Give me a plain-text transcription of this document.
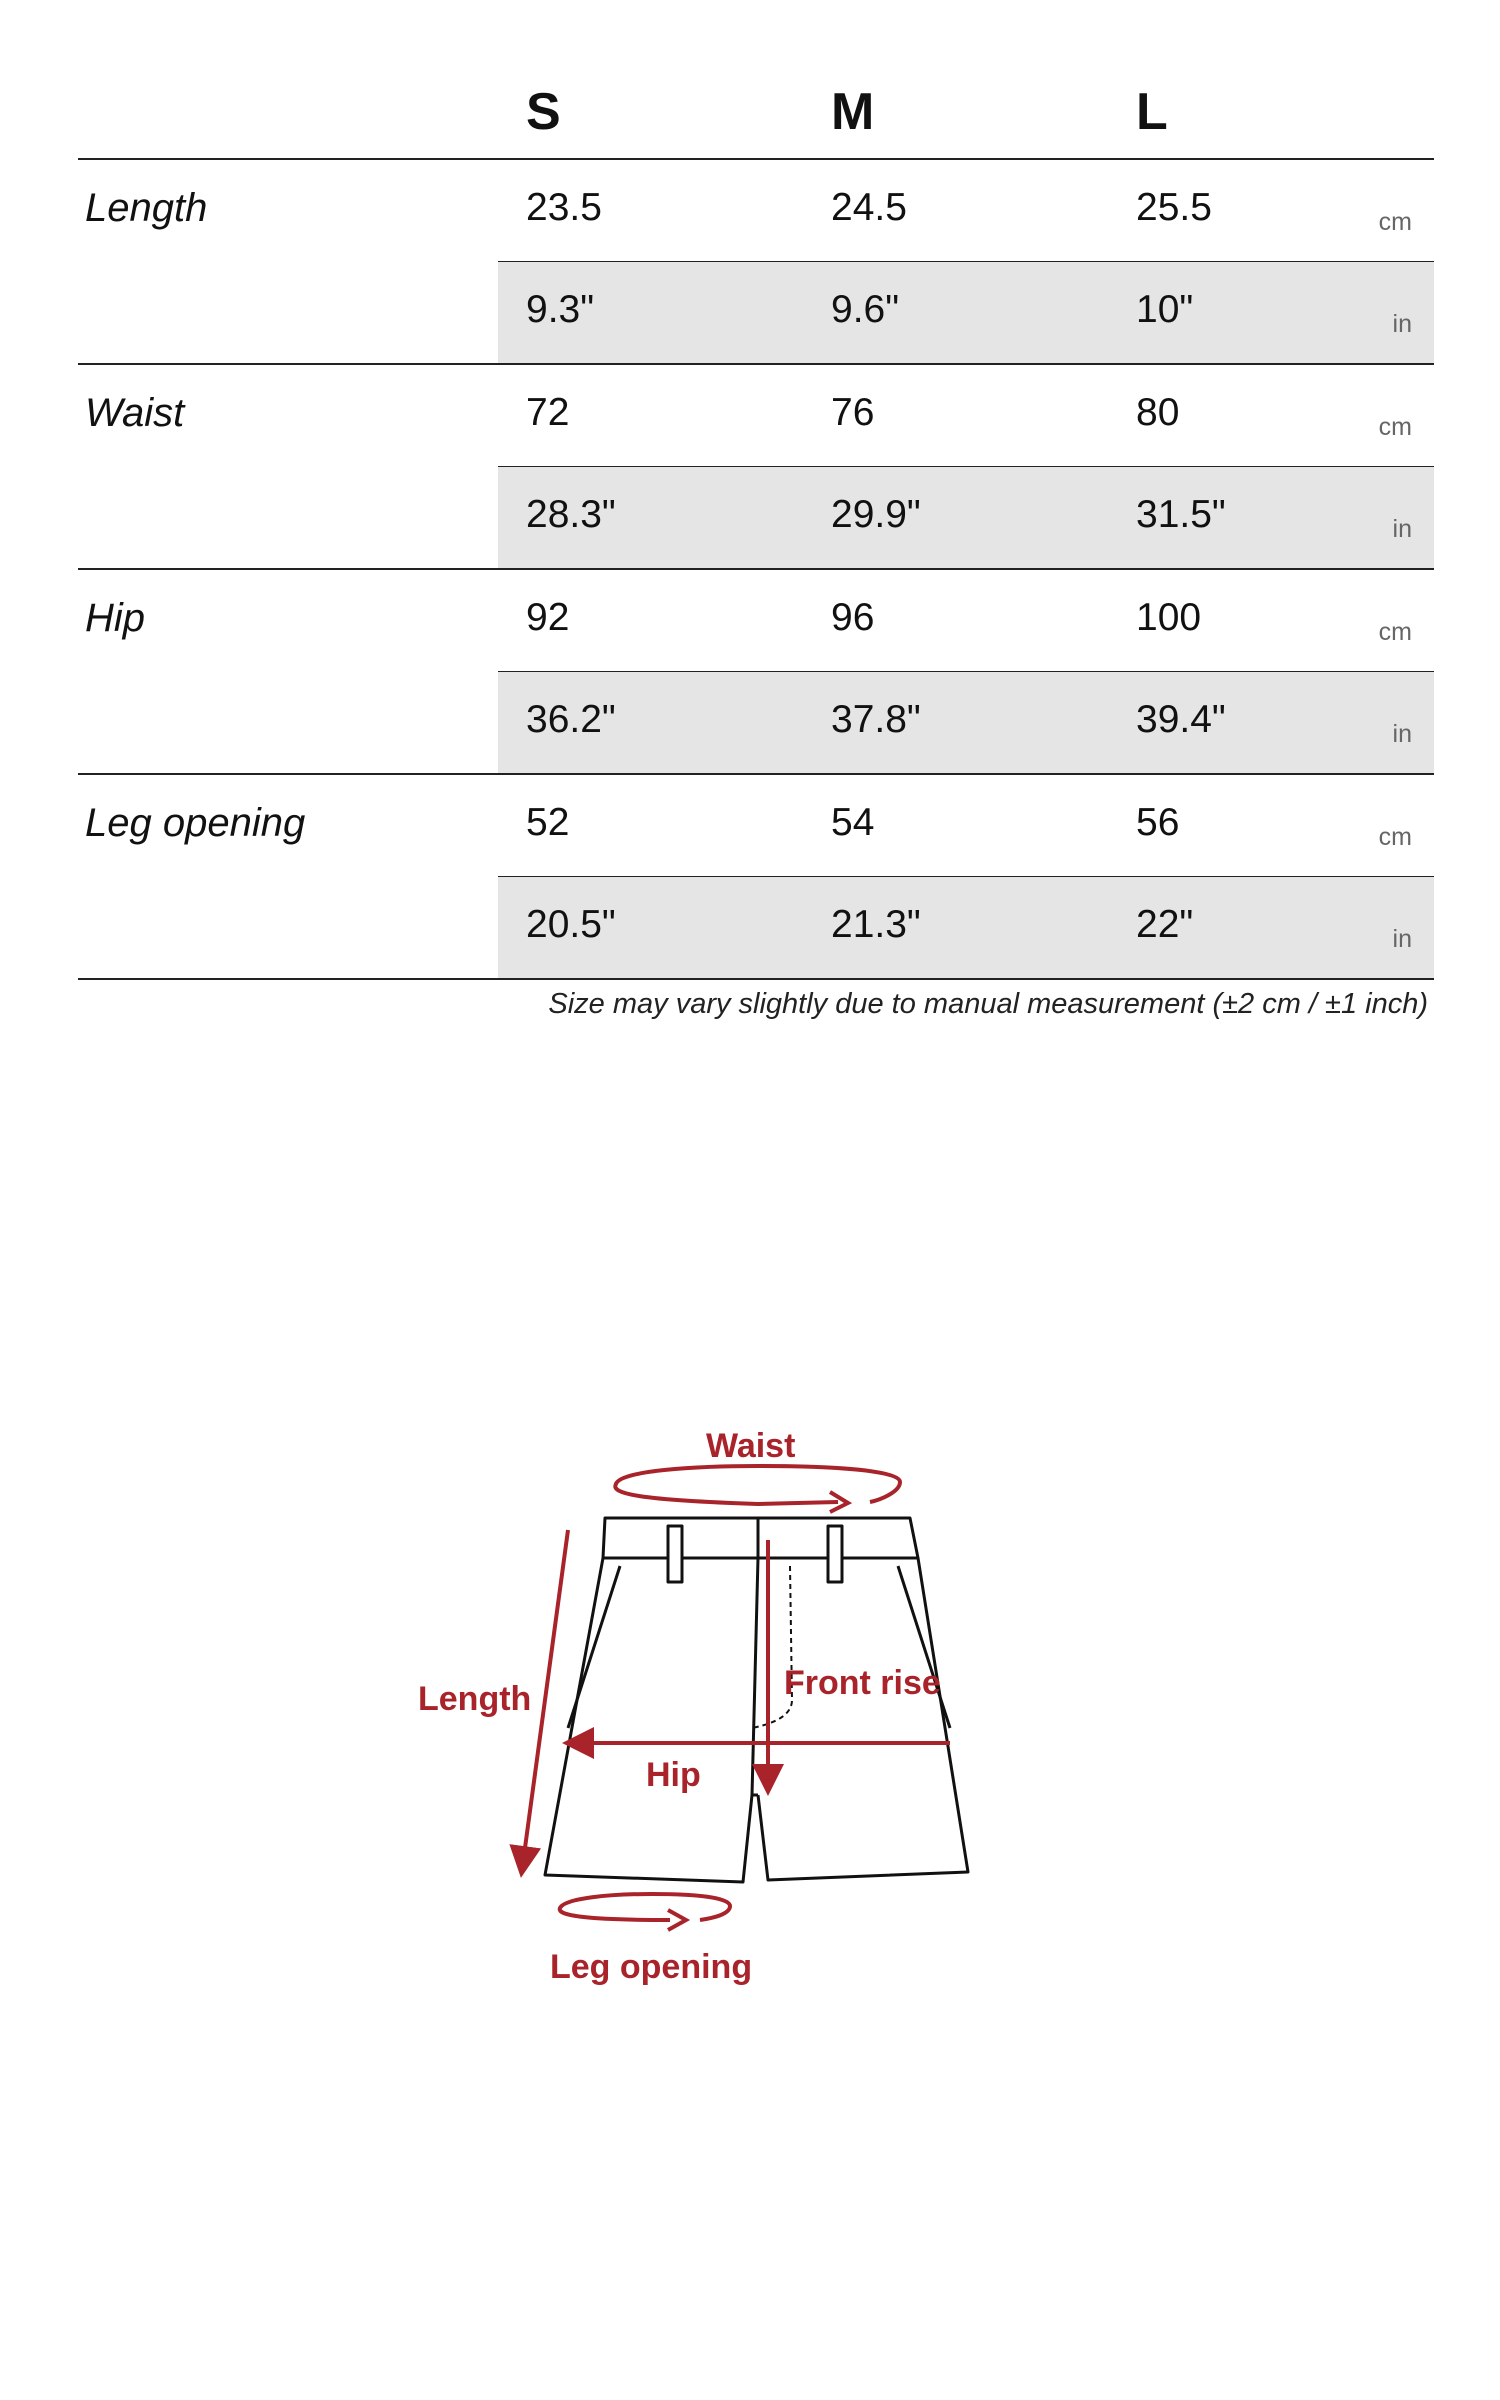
S	M	L
Length	23.5	24.5	25.5	cm
9.3"	9.6"	10"	in
Waist	72	76	80	cm
28.3"	29.9"	31.5"	in
Hip	92	96	100	cm
36.2"	37.8"	39.4"	in
Leg opening	52	54	56	cm
20.5"	21.3"	22"	in
Size may vary slightly due to manual measurement (±2 cm / ±1 inch)
Waist
Length	Front rise
Hip
Leg opening
